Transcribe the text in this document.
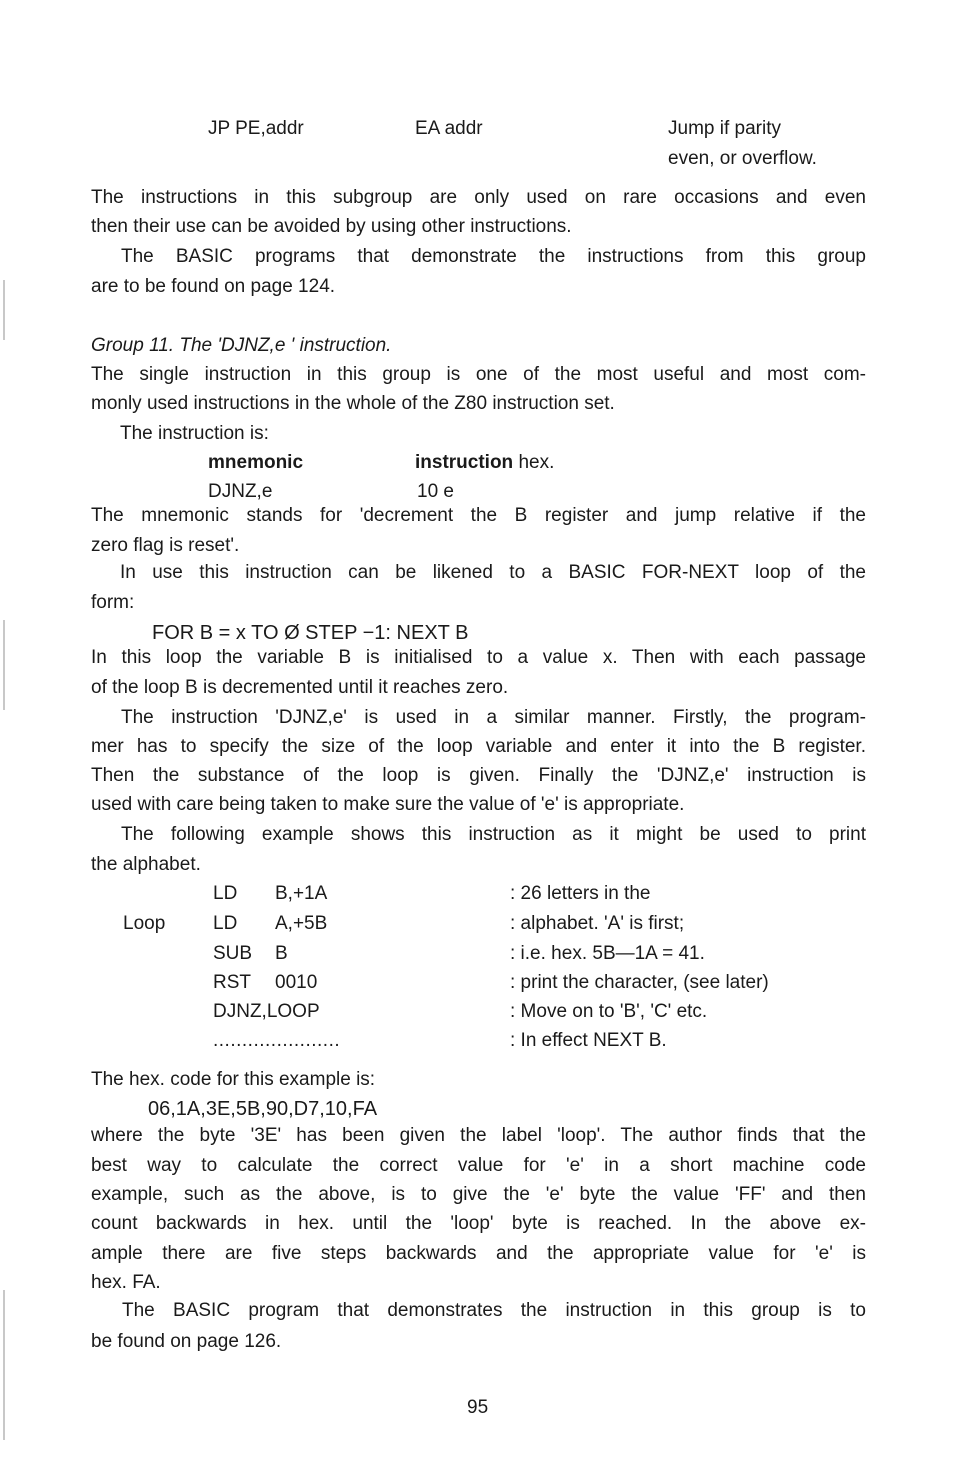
JP PE,addr	EA addr	Jump if parity
even, or overflow.
The instructions in this subgroup are only used on rare occasions and even
then their use can be avoided by using other instructions.
The BASIC programs that demonstrate the instructions from this group
are to be found on page 124.
Group 11. The 'DJNZ,e ' instruction.
The single instruction in this group is one of the most useful and most com-
monly used instructions in the whole of the Z80 instruction set.
The instruction is:
mnemonic	instruction hex.
DJNZ,e	10 e
The mnemonic stands for 'decrement the B register and jump relative if the
zero flag is reset'.
In use this instruction can be likened to a BASIC FOR-NEXT loop of the
form:
FOR B = x TO Ø STEP −1: NEXT B
In this loop the variable B is initialised to a value x. Then with each passage
of the loop B is decremented until it reaches zero.
The instruction 'DJNZ,e' is used in a similar manner. Firstly, the program-
mer has to specify the size of the loop variable and enter it into the B register.
Then the substance of the loop is given. Finally the 'DJNZ,e' instruction is
used with care being taken to make sure the value of 'e' is appropriate.
The following example shows this instruction as it might be used to print
the alphabet.
LD B,+1A	: 26 letters in the
Loop	LD A,+5B	: alphabet. 'A' is first;
SUB B	: i.e. hex. 5B—1A = 41.
RST 0010	: print the character, (see later)
DJNZ,LOOP	: Move on to 'B', 'C' etc.
......................	: In effect NEXT B.
The hex. code for this example is:
06,1A,3E,5B,90,D7,10,FA
where the byte '3E' has been given the label 'loop'. The author finds that the
best way to calculate the correct value for 'e' in a short machine code
example, such as the above, is to give the 'e' byte the value 'FF' and then
count backwards in hex. until the 'loop' byte is reached. In the above ex-
ample there are five steps backwards and the appropriate value for 'e' is
hex. FA.
The BASIC program that demonstrates the instruction in this group is to
be found on page 126.
95
